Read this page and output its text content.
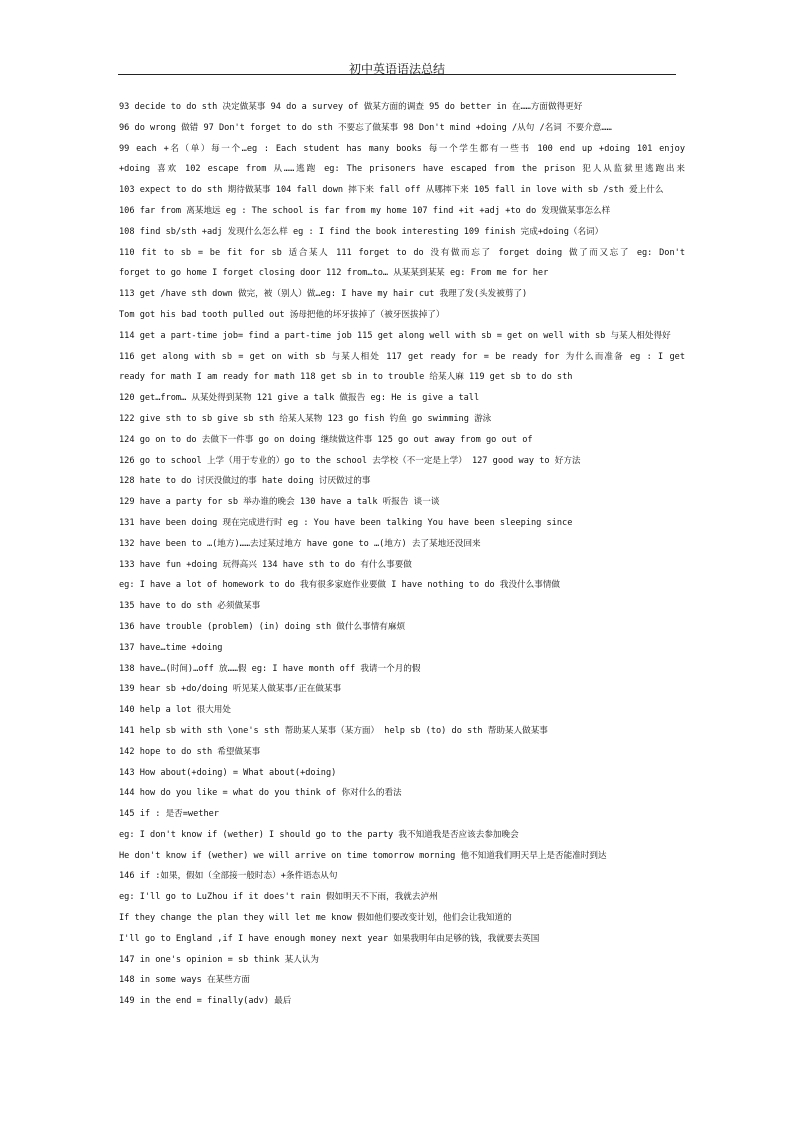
初中英语语法总结
93 decide to do sth 决定做某事 94 do a survey of 做某方面的调查 95 do better in 在……方面做得更好
96 do wrong 做错 97 Don't forget to do sth 不要忘了做某事 98 Don't mind +doing /从句 /名词 不要介意……
99 each +名（单）每一个…eg : Each student has many books 每一个学生都有一些书 100 end up +doing 101 enjoy
+doing 喜欢 102 escape from 从……逃跑 eg: The prisoners have escaped from the prison 犯人从监狱里逃跑出来
103 expect to do sth 期待做某事 104 fall down 摔下来 fall off 从哪摔下来 105 fall in love with sb /sth 爱上什么
106 far from 离某地远 eg : The school is far from my home 107 find +it +adj +to do 发现做某事怎么样
108 find sb/sth +adj 发现什么怎么样 eg : I find the book interesting 109 finish 完成+doing（名词）
110 fit to sb = be fit for sb 适合某人 111 forget to do 没有做而忘了 forget doing 做了而又忘了 eg: Don't
forget to go home I forget closing door 112 from…to… 从某某到某某 eg: From me for her
113 get /have sth down 做完，被（别人）做…eg: I have my hair cut 我理了发(头发被剪了)
Tom got his bad tooth pulled out 汤母把他的坏牙拔掉了（被牙医拔掉了）
114 get a part-time job= find a part-time job 115 get along well with sb = get on well with sb 与某人相处得好
116 get along with sb = get on with sb 与某人相处 117 get ready for = be ready for 为什么而准备 eg : I get
ready for math I am ready for math 118 get sb in to trouble 给某人麻 119 get sb to do sth
120 get…from… 从某处得到某物 121 give a talk 做报告 eg: He is give a tall
122 give sth to sb give sb sth 给某人某物 123 go fish 钓鱼 go swimming 游泳
124 go on to do 去做下一件事 go on doing 继续做这件事 125 go out away from go out of
126 go to school 上学（用于专业的）go to the school 去学校（不一定是上学） 127 good way to 好方法
128 hate to do 讨厌没做过的事 hate doing 讨厌做过的事
129 have a party for sb 举办谁的晚会 130 have a talk 听报告 谈一谈
131 have been doing 现在完成进行时 eg : You have been talking You have been sleeping since
132 have been to …(地方)……去过某过地方 have gone to …(地方) 去了某地还没回来
133 have fun +doing 玩得高兴 134 have sth to do 有什么事要做
eg: I have a lot of homework to do 我有很多家庭作业要做 I have nothing to do 我没什么事情做
135 have to do sth 必须做某事
136 have trouble (problem) (in) doing sth 做什么事情有麻烦
137 have…time +doing
138 have…(时间)…off 放……假 eg: I have month off 我请一个月的假
139 hear sb +do/doing 听见某人做某事/正在做某事
140 help a lot 很大用处
141 help sb with sth \one's sth 帮助某人某事（某方面） help sb (to) do sth 帮助某人做某事
142 hope to do sth 希望做某事
143 How about(+doing) = What about(+doing)
144 how do you like = what do you think of 你对什么的看法
145 if : 是否=wether
eg: I don't know if (wether) I should go to the party 我不知道我是否应该去参加晚会
He don't know if (wether) we will arrive on time tomorrow morning 他不知道我们明天早上是否能准时到达
146 if :如果，假如（全部接一般时态）+条件语态从句
eg: I'll go to LuZhou if it does't rain 假如明天不下雨，我就去泸州
If they change the plan they will let me know 假如他们要改变计划，他们会让我知道的
I'll go to England ,if I have enough money next year 如果我明年由足够的钱，我就要去英国
147 in one's opinion = sb think 某人认为
148 in some ways 在某些方面
149 in the end = finally(adv) 最后
